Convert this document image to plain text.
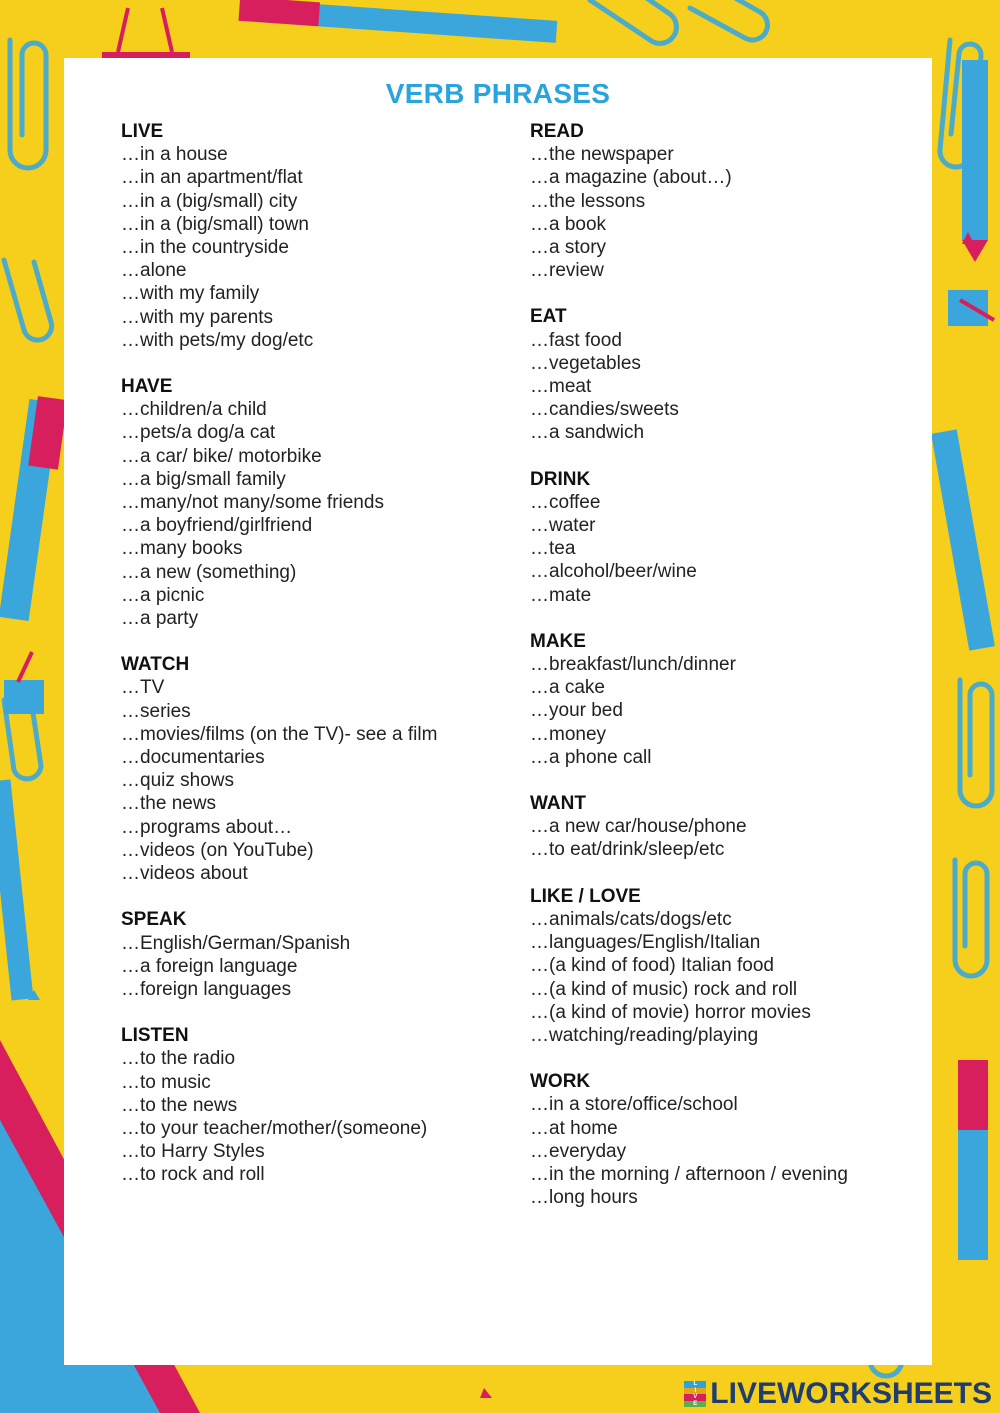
VERB PHRASES
LIVE
…in a house
…in an apartment/flat
…in a (big/small) city
…in a (big/small) town
…in the countryside
…alone
…with my family
…with my parents
…with pets/my dog/etc
HAVE
…children/a child
…pets/a dog/a cat
…a car/ bike/ motorbike
…a big/small family
…many/not many/some friends
…a boyfriend/girlfriend
…many books
…a new (something)
…a picnic
…a party
WATCH
…TV
…series
…movies/films (on the TV)- see a film
…documentaries
…quiz shows
…the news
…programs about…
…videos (on YouTube)
…videos about
SPEAK
…English/German/Spanish
…a foreign language
…foreign languages
LISTEN
…to the radio
…to music
…to the news
…to your teacher/mother/(someone)
…to Harry Styles
…to rock and roll
READ
…the newspaper
…a magazine (about…)
…the lessons
…a book
…a story
…review
EAT
…fast food
…vegetables
…meat
…candies/sweets
…a sandwich
DRINK
…coffee
…water
…tea
…alcohol/beer/wine
…mate
MAKE
…breakfast/lunch/dinner
…a cake
…your bed
…money
…a phone call
WANT
…a new car/house/phone
…to eat/drink/sleep/etc
LIKE / LOVE
…animals/cats/dogs/etc
…languages/English/Italian
…(a kind of food) Italian food
…(a kind of music) rock and roll
…(a kind of movie) horror movies
…watching/reading/playing
WORK
…in a store/office/school
…at home
…everyday
…in the morning / afternoon / evening
…long hours
L
I
V
E LIVEWORKSHEETS
